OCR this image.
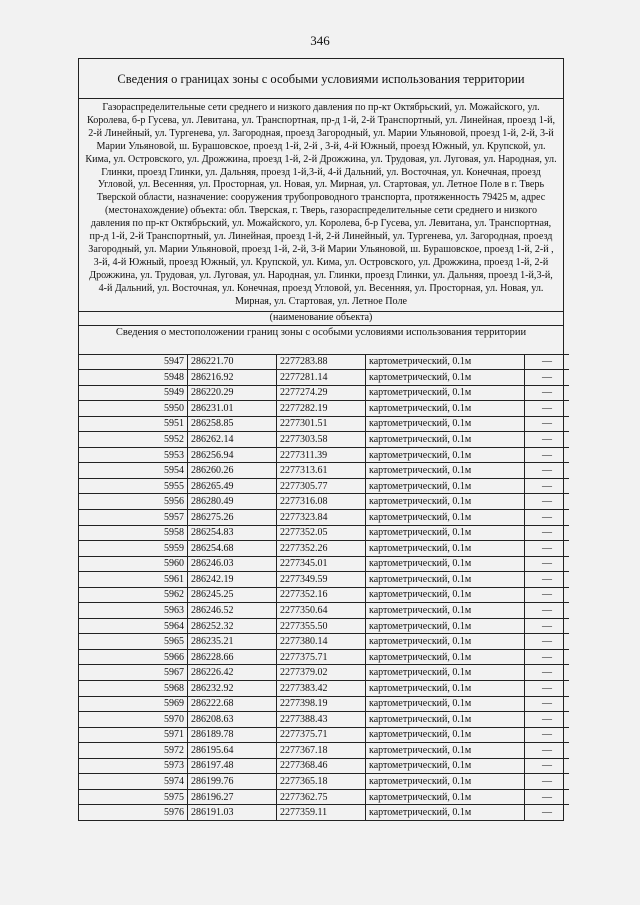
346
Сведения о границах зоны с особыми условиями использования территории
Газораспределительные сети среднего и низкого давления по пр-кт Октябрьский, ул. Можайского, ул. Королева, б-р Гусева, ул. Левитана, ул. Транспортная, пр-д 1-й, 2-й Транспортный, ул. Линейная, проезд 1-й, 2-й Линейный, ул. Тургенева, ул. Загородная, проезд Загородный, ул. Марии Ульяновой, проезд 1-й, 2-й, 3-й Марии Ульяновой, ш. Бурашовское, проезд 1-й, 2-й , 3-й, 4-й Южный, проезд Южный, ул. Крупской, ул. Кима, ул. Островского, ул. Дрожжина, проезд 1-й, 2-й Дрожжина, ул. Трудовая, ул. Луговая, ул. Народная, ул. Глинки, проезд Глинки, ул. Дальняя, проезд 1-й,3-й, 4-й Дальний, ул. Восточная, ул. Конечная, проезд Угловой, ул. Весенняя, ул. Просторная, ул. Новая, ул. Мирная, ул. Стартовая, ул. Летное Поле в г. Тверь Тверской области, назначение: сооружения трубопроводного транспорта, протяженность 79425 м, адрес (местонахождение) объекта: обл. Тверская, г. Тверь, газораспределительные сети среднего и низкого давления по пр-кт Октябрьский, ул. Можайского, ул. Королева, б-р Гусева, ул. Левитана, ул. Транспортная, пр-д 1-й, 2-й Транспортный, ул. Линейная, проезд 1-й, 2-й Линейный, ул. Тургенева, ул. Загородная, проезд Загородный, ул. Марии Ульяновой, проезд 1-й, 2-й, 3-й Марии Ульяновой, ш. Бурашовское, проезд 1-й, 2-й , 3-й, 4-й Южный, проезд Южный, ул. Крупской, ул. Кима, ул. Островского, ул. Дрожжина, проезд 1-й, 2-й Дрожжина, ул. Трудовая, ул. Луговая, ул. Народная, ул. Глинки, проезд Глинки, ул. Дальняя, проезд 1-й,3-й, 4-й Дальний, ул. Восточная, ул. Конечная, проезд Угловой, ул. Весенняя, ул. Просторная, ул. Новая, ул. Мирная, ул. Стартовая, ул. Летное Поле
(наименование объекта)
Сведения о местоположении границ зоны с особыми условиями использования территории
5947	286221.70	2277283.88	картометрический, 0.1м	—
5948	286216.92	2277281.14	картометрический, 0.1м	—
5949	286220.29	2277274.29	картометрический, 0.1м	—
5950	286231.01	2277282.19	картометрический, 0.1м	—
5951	286258.85	2277301.51	картометрический, 0.1м	—
5952	286262.14	2277303.58	картометрический, 0.1м	—
5953	286256.94	2277311.39	картометрический, 0.1м	—
5954	286260.26	2277313.61	картометрический, 0.1м	—
5955	286265.49	2277305.77	картометрический, 0.1м	—
5956	286280.49	2277316.08	картометрический, 0.1м	—
5957	286275.26	2277323.84	картометрический, 0.1м	—
5958	286254.83	2277352.05	картометрический, 0.1м	—
5959	286254.68	2277352.26	картометрический, 0.1м	—
5960	286246.03	2277345.01	картометрический, 0.1м	—
5961	286242.19	2277349.59	картометрический, 0.1м	—
5962	286245.25	2277352.16	картометрический, 0.1м	—
5963	286246.52	2277350.64	картометрический, 0.1м	—
5964	286252.32	2277355.50	картометрический, 0.1м	—
5965	286235.21	2277380.14	картометрический, 0.1м	—
5966	286228.66	2277375.71	картометрический, 0.1м	—
5967	286226.42	2277379.02	картометрический, 0.1м	—
5968	286232.92	2277383.42	картометрический, 0.1м	—
5969	286222.68	2277398.19	картометрический, 0.1м	—
5970	286208.63	2277388.43	картометрический, 0.1м	—
5971	286189.78	2277375.71	картометрический, 0.1м	—
5972	286195.64	2277367.18	картометрический, 0.1м	—
5973	286197.48	2277368.46	картометрический, 0.1м	—
5974	286199.76	2277365.18	картометрический, 0.1м	—
5975	286196.27	2277362.75	картометрический, 0.1м	—
5976	286191.03	2277359.11	картометрический, 0.1м	—
